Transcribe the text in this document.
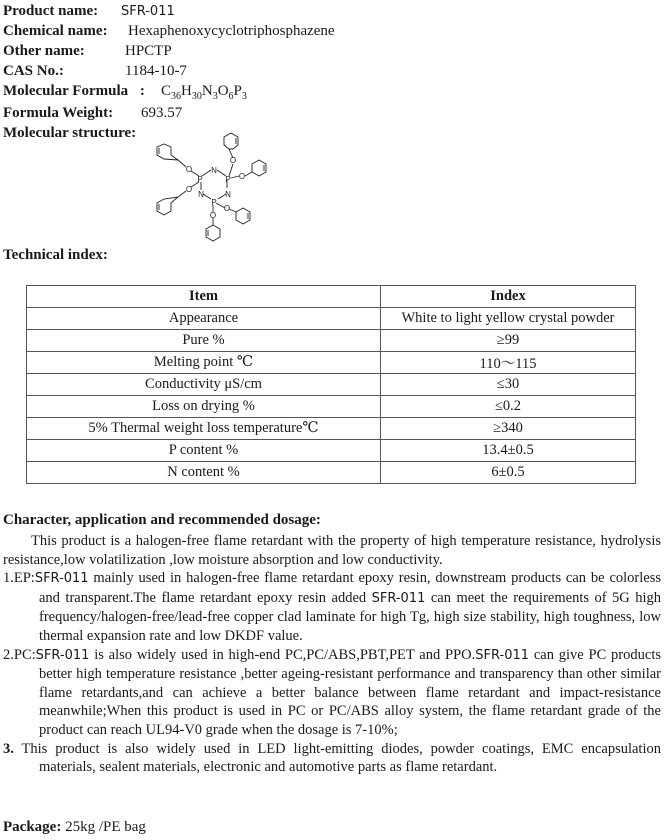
Product name: SFR-011
Chemical name: Hexaphenoxycyclotriphosphazene
Other name:	HPCTP
CAS No.:	1184-10-7
Molecular Formula : $C_{36}H_{30}N_3O_6P_3$
Formula Weight: 693.57
Molecular structure:
P
N
P
N	N
P
O
O
O
O
O
O
Technical index:
Item	Index
Appearance	White to light yellow crystal powder
Pure %	≥99
Melting point ℃	110～115
Conductivity μS/cm	≤30
Loss on drying %	≤0.2
5% Thermal weight loss temperature℃	≥340
P content %	13.4±0.5
N content %	6±0.5
Character, application and recommended dosage:

This product is a halogen-free flame retardant with the property of high temperature resistance, hydrolysis resistance,low volatilization ,low moisture absorption and low conductivity.

1.EP:SFR-011 mainly used in halogen-free flame retardant epoxy resin, downstream products can be colorless and transparent.The flame retardant epoxy resin added SFR-011 can meet the requirements of 5G high frequency/halogen-free/lead-free copper clad laminate for high Tg, high size stability, high toughness, low thermal expansion rate and low DKDF value.

2.PC:SFR-011 is also widely used in high-end PC,PC/ABS,PBT,PET and PPO.SFR-011 can give PC products better high temperature resistance ,better ageing-resistant performance and transparency than other similar flame retardants,and can achieve a better balance between flame retardant and impact-resistance meanwhile;When this product is used in PC or PC/ABS alloy system, the flame retardant grade of the product can reach UL94-V0 grade when the dosage is 7-10%;

3. This product is also widely used in LED light-emitting diodes, powder coatings, EMC encapsulation materials, sealent materials, electronic and automotive parts as flame retardant.

Package: 25kg /PE bag
